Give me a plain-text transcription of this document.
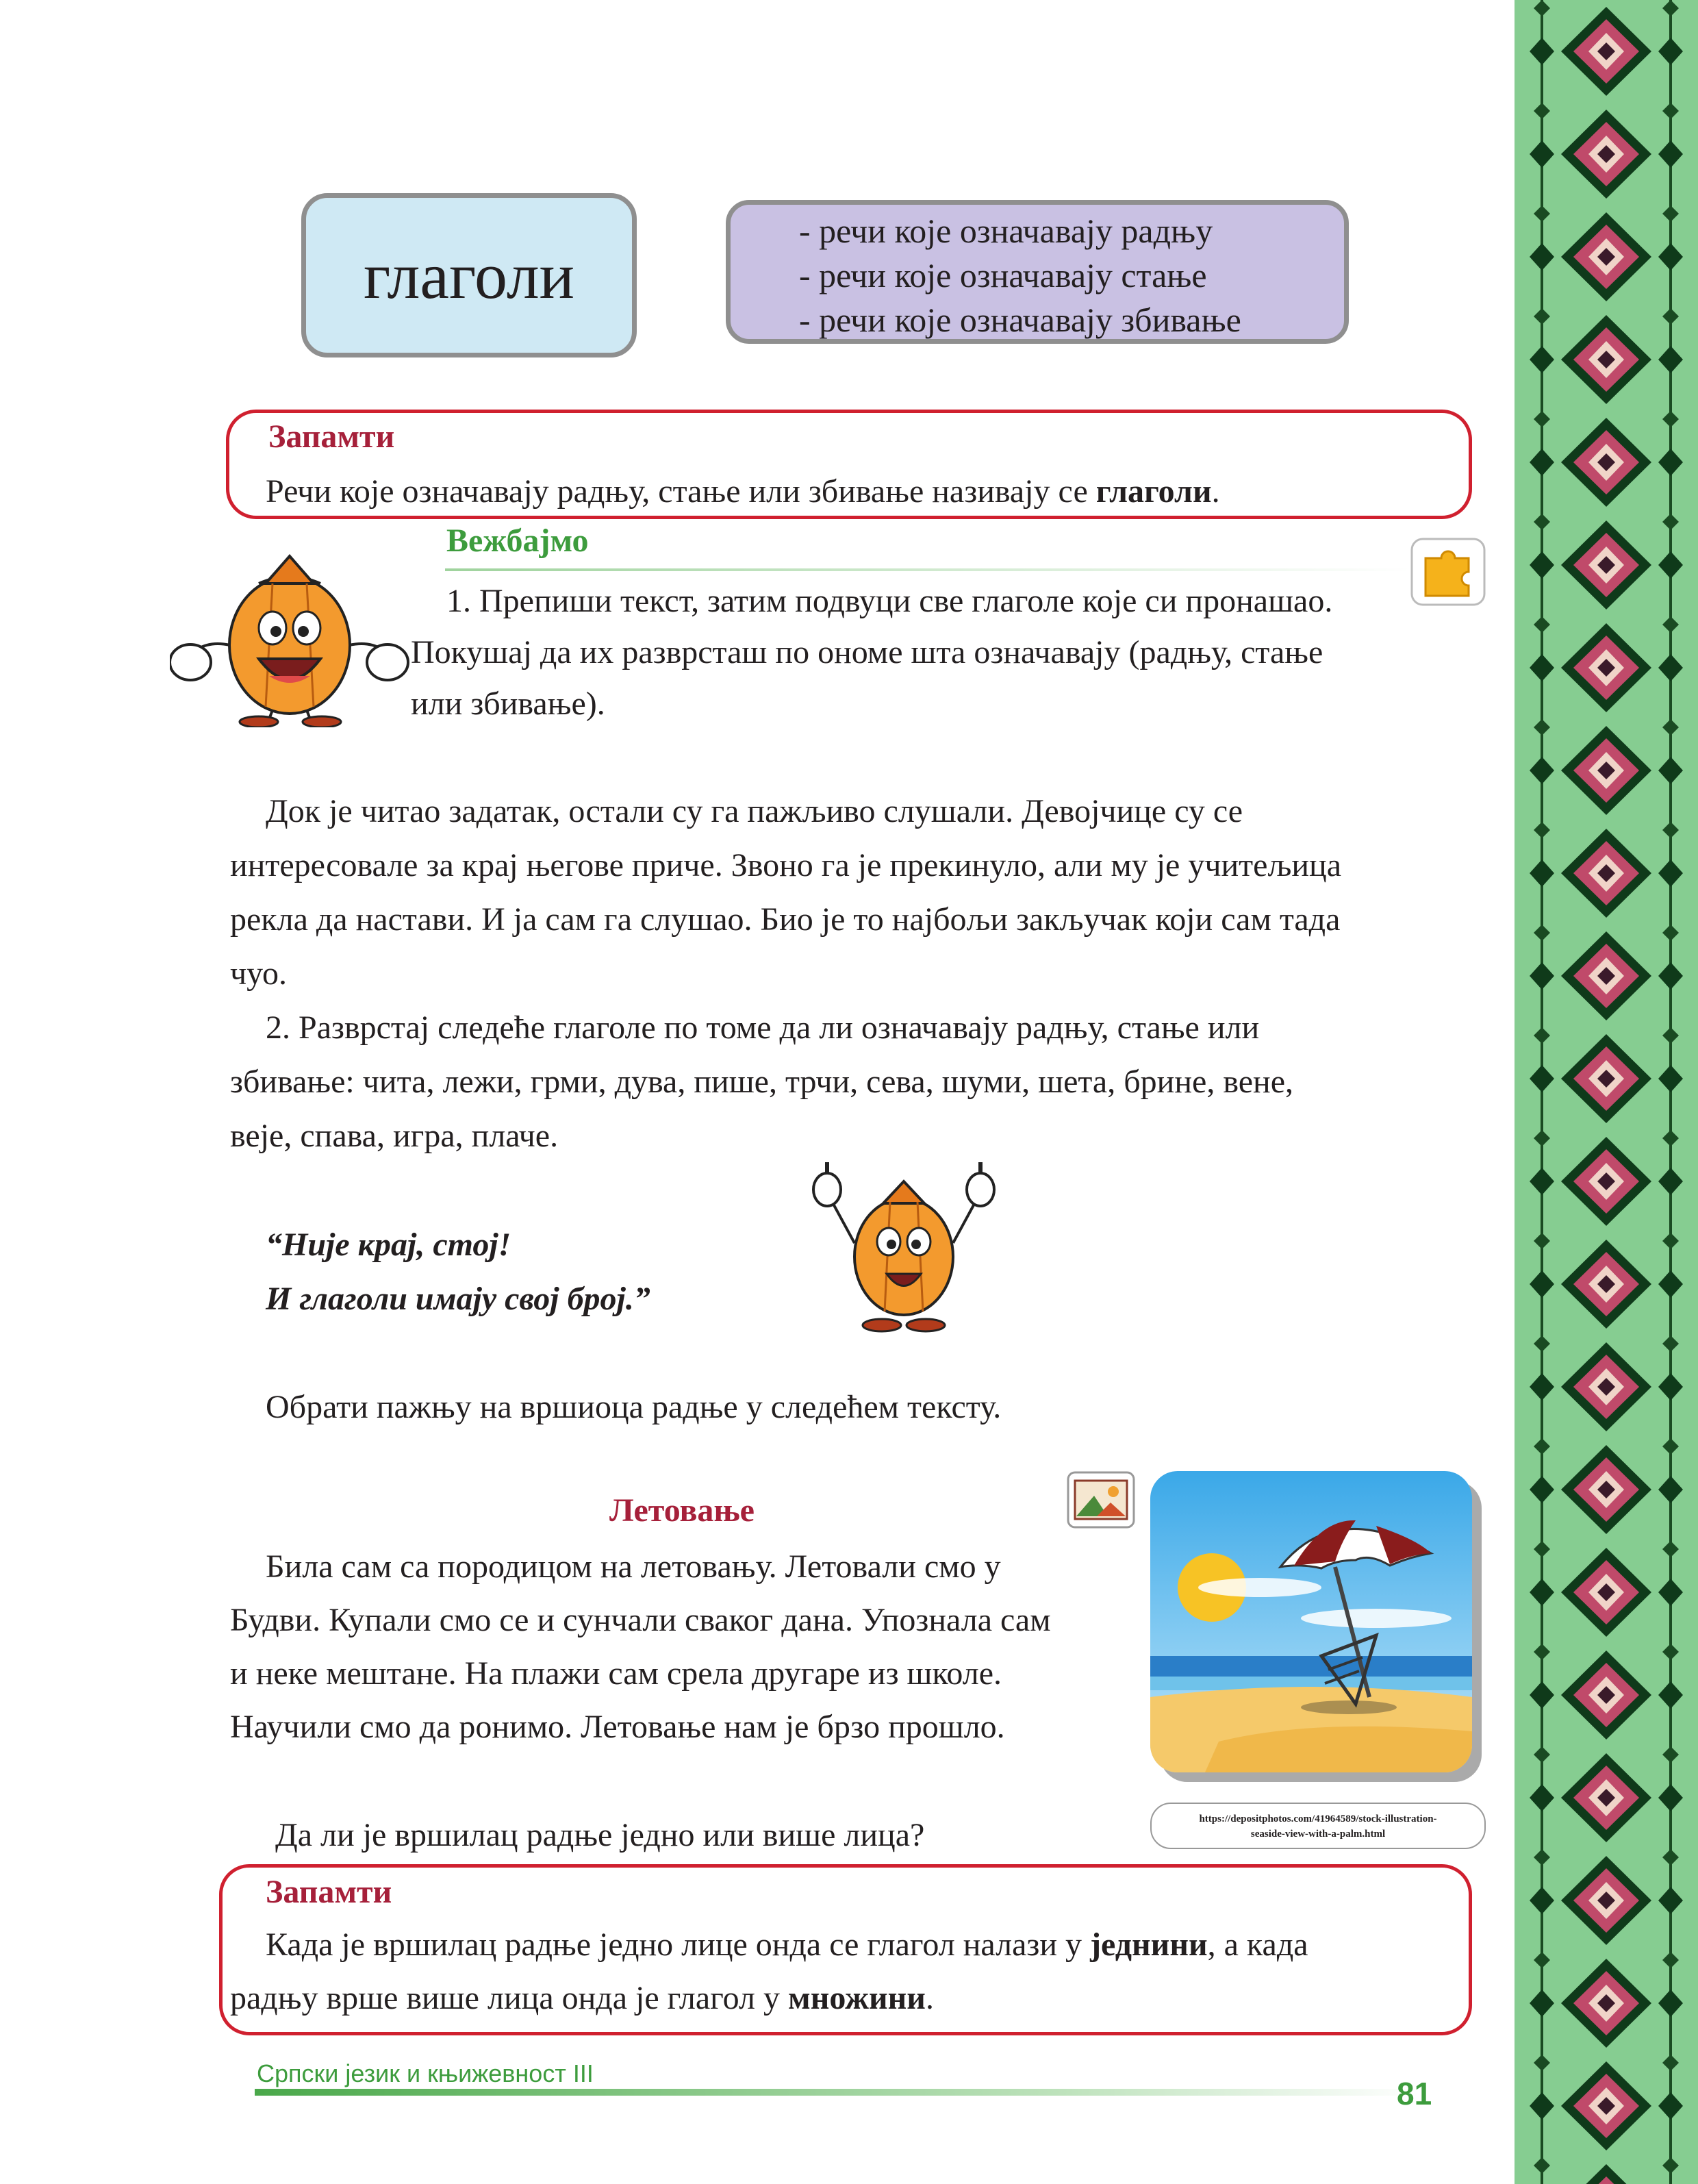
глаголи
- речи које означавају радњу
- речи које означавају стање
- речи које означавају збивање
Запамти
Речи које означавају радњу, стање или збивање називају се глаголи.
Вежбајмо
1. Препиши текст, затим подвуци све глаголе које си пронашао.
Покушај да их разврсташ по ономе шта означавају (радњу, стање
или збивање).
Док је читао задатак, остали су га пажљиво слушали. Девојчице су се
интересовале за крај његове приче. Звоно га је прекинуло, али му је учитељица
рекла да настави. И ја сам га слушао. Био је то најбољи закључак који сам тада
чуо.
2. Разврстај следеће глаголе по томе да ли означавају радњу, стање или
збивање: чита, лежи, грми, дува, пише, трчи, сева, шуми, шета, брине, вене,
веје, спава, игра, плаче.
“Није крај, стој!
И глаголи имају свој број.”
Обрати пажњу на вршиоца радње у следећем тексту.
Летовање
Била сам са породицом на летовању. Летовали смо у
Будви. Купали смо се и сунчали сваког дана. Упознала сам
и неке мештане. На плажи сам срела другаре из школе.
Научили смо да ронимо. Летовање нам је брзо прошло.
https://depositphotos.com/41964589/stock-illustration-
seaside-view-with-a-palm.html
Да ли је вршилац радње једно или више лица?
Запамти
Када је вршилац радње једно лице онда се глагол налази у једнини, а када
радњу врше више лица онда је глагол у множини.
Српски језик и књижевност III
81
